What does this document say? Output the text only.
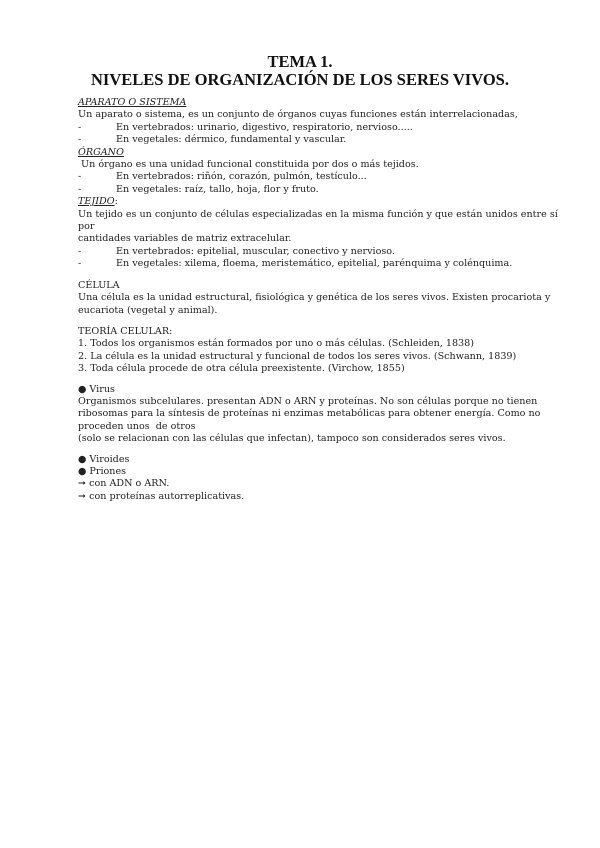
TEMA 1.
NIVELES DE ORGANIZACIÓN DE LOS SERES VIVOS.
APARATO O SISTEMA
Un aparato o sistema, es un conjunto de órganos cuyas funciones están interrelacionadas,
-	En vertebrados: urinario, digestivo, respiratorio, nervioso.....
-	En vegetales: dérmico, fundamental y vascular.
ÓRGANO
Un órgano es una unidad funcional constituida por dos o más tejidos.
-	En vertebrados: riñón, corazón, pulmón, testículo...
-	En vegetales: raíz, tallo, hoja, flor y fruto.
TEJIDO:
Un tejido es un conjunto de células especializadas en la misma función y que están unidos entre sí
por
cantidades variables de matriz extracelular.
-	En vertebrados: epitelial, muscular, conectivo y nervioso.
-	En vegetales: xilema, floema, meristemático, epitelial, parénquima y colénquima.
CÉLULA
Una célula es la unidad estructural, fisiológica y genética de los seres vivos. Existen procariota y
eucariota (vegetal y animal).
TEORÍA CELULAR:
1. Todos los organismos están formados por uno o más células. (Schleiden, 1838)
2. La célula es la unidad estructural y funcional de todos los seres vivos. (Schwann, 1839)
3. Toda célula procede de otra célula preexistente. (Virchow, 1855)
● Virus
Organismos subcelulares. presentan ADN o ARN y proteínas. No son células porque no tienen
ribosomas para la síntesis de proteínas ni enzimas metabólicas para obtener energía. Como no
proceden unos  de otros
(solo se relacionan con las células que infectan), tampoco son considerados seres vivos.
● Viroides
● Priones
➞ con ADN o ARN.
➞ con proteínas autorreplicativas.
